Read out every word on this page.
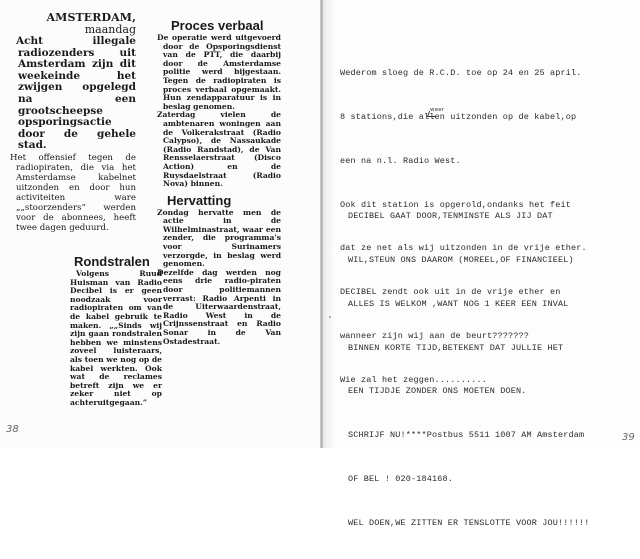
AMSTERDAM,
maandag
Acht illegale radiozenders uit Amsterdam zijn dit weekeinde het zwijgen opgelegd na een grootscheepse opsporingsactie door de gehele stad.
Het offensief tegen de radiopiraten, die via het Amsterdamse kabelnet uitzonden en door hun activiteiten ware „„stoorzenders” werden voor de abonnees, heeft twee dagen geduurd.
Proces verbaal
De operatie werd uitgevoerd door de Opsporingsdienst van de PTT, die daarbij door de Amsterdamse politie werd bijgestaan. Tegen de radiopiraten is proces verbaal opgemaakt. Hun zendapparatuur is in beslag genomen.
Zaterdag vielen de ambtenaren woningen aan de Volkerakstraat (Radio Calypso), de Nassaukade (Radio Randstad), de Van Rensselaerstraat (Disco Action) en de Ruysdaelstraat (Radio Nova) binnen.
Hervatting
Zondag hervatte men de actie in de Wilhelminastraat, waar een zender, die programma's voor Surinamers verzorgde, in beslag werd genomen.
Dezelfde dag werden nog eens drie radio-piraten door politiemannen verrast: Radio Arpenti in de Uiterwaardenstraat, Radio West in de Crijnssenstraat en Radio Sonar in de Van Ostadestraat.
Rondstralen
Volgens Ruud Huisman van Radio Decibel is er geen noodzaak voor radiopiraten om van de kabel gebruik te maken. „„Sinds wij zijn gaan rondstralen hebben we minstens zoveel luisteraars, als toen we nog op de kabel werkten. Ook wat de reclames betreft zijn we er zeker niet op achteruitgegaan.”
38

Wederom sloeg de R.C.D. toe op 24 en 25 april.

8 stations,die allen uitzonden op de kabel,op

een na n.l. Radio West.

Ook dit station is opgerold,ondanks het feit

dat ze net als wij uitzonden in de vrije ether.

DECIBEL zendt ook uit in de vrije ether en

wanneer zijn wij aan de beurt???????

Wie zal het zeggen..........

weer

DECIBEL GAAT DOOR,TENMINSTE ALS JIJ DAT

WIL,STEUN ONS DAAROM (MOREEL,OF FINANCIEEL)

ALLES IS WELKOM ,WANT NOG 1 KEER EEN INVAL

BINNEN KORTE TIJD,BETEKENT DAT JULLIE HET

EEN TIJDJE ZONDER ONS MOETEN DOEN.

SCHRIJF NU!****Postbus 5511 1007 AM Amsterdam

OF BEL ! 020-184168.

WEL DOEN,WE ZITTEN ER TENSLOTTE VOOR JOU!!!!!!

39
